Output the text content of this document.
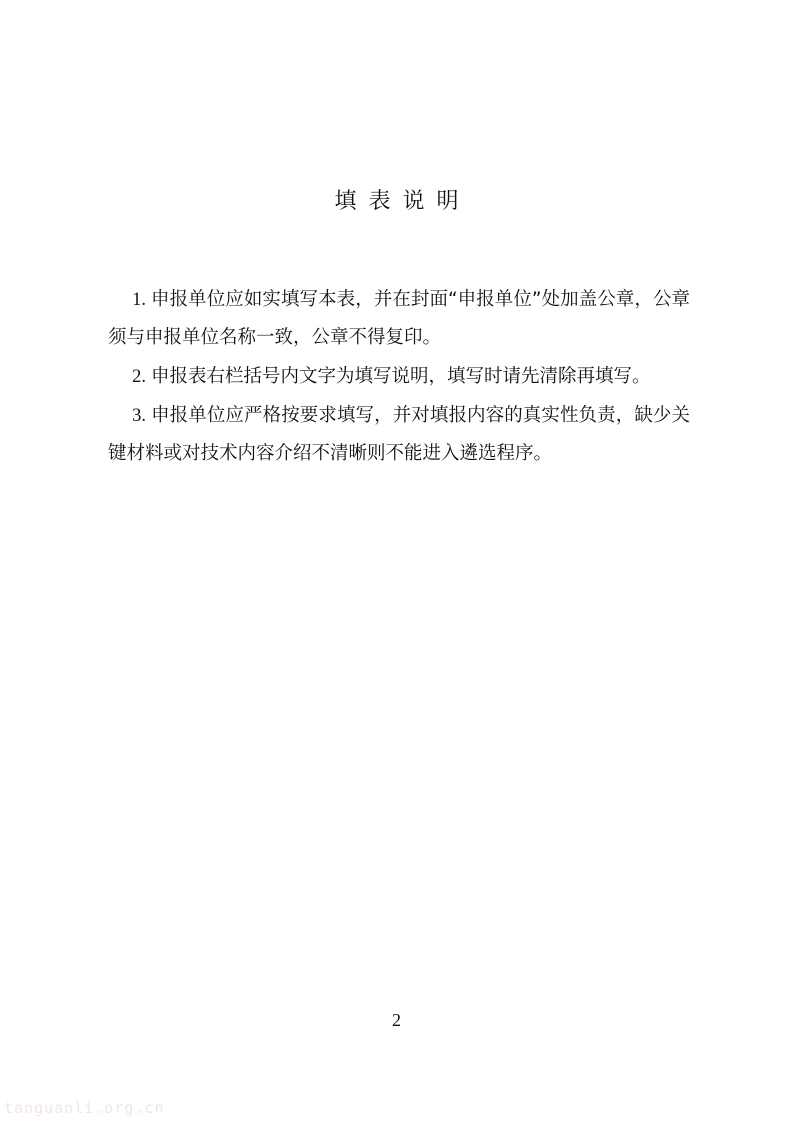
填表说明
1. 申报单位应如实填写本表，并在封面“申报单位”处加盖公章，公章须与申报单位名称一致，公章不得复印。
2. 申报表右栏括号内文字为填写说明，填写时请先清除再填写。
3. 申报单位应严格按要求填写，并对填报内容的真实性负责，缺少关键材料或对技术内容介绍不清晰则不能进入遴选程序。
2
tanguanli.org.cn
